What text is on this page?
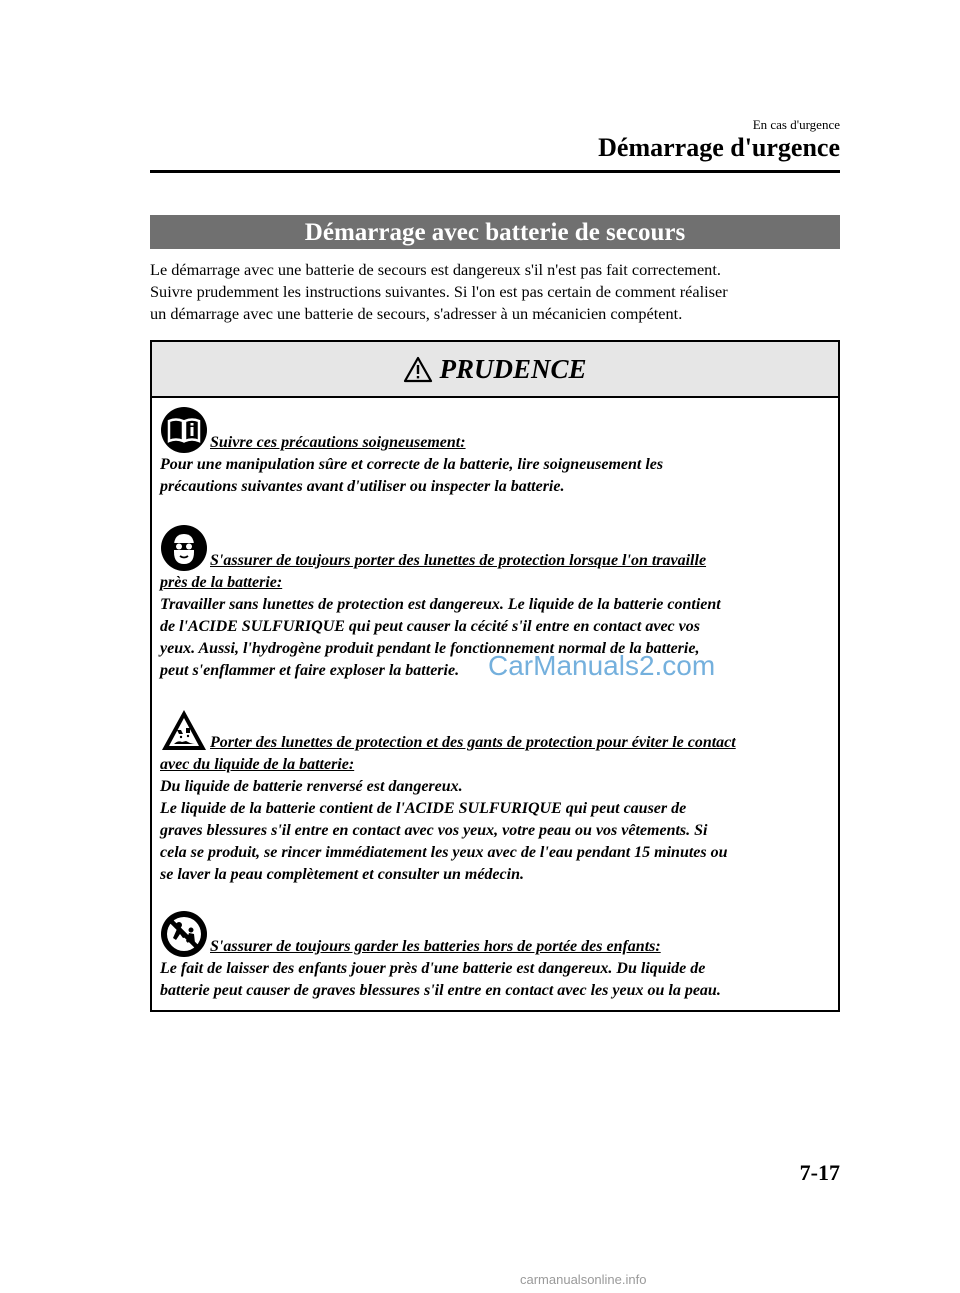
En cas d'urgence
Démarrage d'urgence
Démarrage avec batterie de secours
Le démarrage avec une batterie de secours est dangereux s'il n'est pas fait correctement.
Suivre prudemment les instructions suivantes. Si l'on est pas certain de comment réaliser
un démarrage avec une batterie de secours, s'adresser à un mécanicien compétent.
PRUDENCE
Suivre ces précautions soigneusement:
Pour une manipulation sûre et correcte de la batterie, lire soigneusement les
précautions suivantes avant d'utiliser ou inspecter la batterie.
S'assurer de toujours porter des lunettes de protection lorsque l'on travaille
près de la batterie:
Travailler sans lunettes de protection est dangereux. Le liquide de la batterie contient
de l'ACIDE SULFURIQUE qui peut causer la cécité s'il entre en contact avec vos
yeux. Aussi, l'hydrogène produit pendant le fonctionnement normal de la batterie,
peut s'enflammer et faire exploser la batterie.
Porter des lunettes de protection et des gants de protection pour éviter le contact
avec du liquide de la batterie:
Du liquide de batterie renversé est dangereux.
Le liquide de la batterie contient de l'ACIDE SULFURIQUE qui peut causer de
graves blessures s'il entre en contact avec vos yeux, votre peau ou vos vêtements. Si
cela se produit, se rincer immédiatement les yeux avec de l'eau pendant 15 minutes ou
se laver la peau complètement et consulter un médecin.
S'assurer de toujours garder les batteries hors de portée des enfants:
Le fait de laisser des enfants jouer près d'une batterie est dangereux. Du liquide de
batterie peut causer de graves blessures s'il entre en contact avec les yeux ou la peau.
7-17
CarManuals2.com
carmanualsonline.info
